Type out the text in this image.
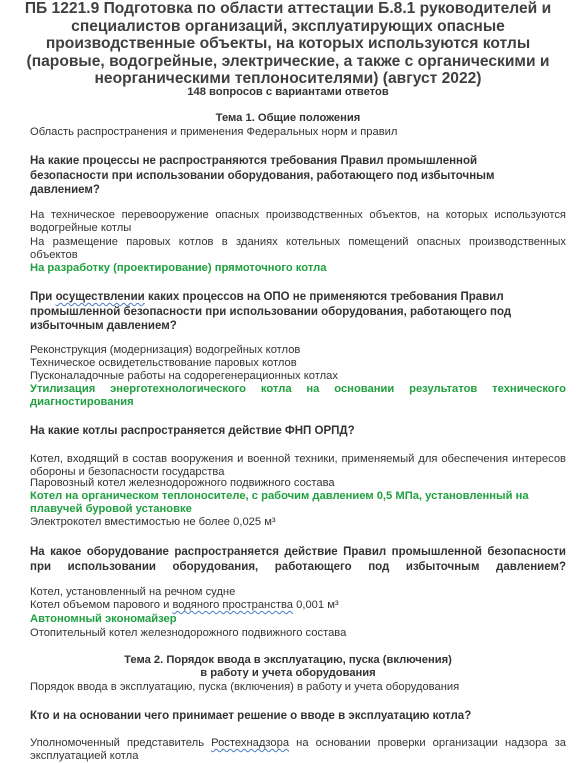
ПБ 1221.9 Подготовка по области аттестации Б.8.1 руководителей и специалистов организаций, эксплуатирующих опасные производственные объекты, на которых используются котлы (паровые, водогрейные, электрические, а также с органическими и неорганическими теплоносителями) (август 2022)
148 вопросов с вариантами ответов
Тема 1. Общие положения
Область распространения и применения Федеральных норм и правил
На какие процессы не распространяются требования Правил промышленной безопасности при использовании оборудования, работающего под избыточным давлением?
На техническое перевооружение опасных производственных объектов, на которых используются водогрейные котлы
На размещение паровых котлов в зданиях котельных помещений опасных производственных объектов
На разработку (проектирование) прямоточного котла
При осуществлении каких процессов на ОПО не применяются требования Правил промышленной безопасности при использовании оборудования, работающего под избыточным давлением?
Реконструкция (модернизация) водогрейных котлов
Техническое освидетельствование паровых котлов
Пусконаладочные работы на содорегенерационных котлах
Утилизация энерготехнологического котла на основании результатов технического диагностирования
На какие котлы распространяется действие ФНП ОРПД?
Котел, входящий в состав вооружения и военной техники, применяемый для обеспечения интересов обороны и безопасности государства
Паровозный котел железнодорожного подвижного состава
Котел на органическом теплоносителе, с рабочим давлением 0,5 МПа, установленный на плавучей буровой установке
Электрокотел вместимостью не более 0,025 м³
На какое оборудование распространяется действие Правил промышленной безопасности при использовании оборудования, работающего под избыточным давлением?
Котел, установленный на речном судне
Котел объемом парового и водяного пространства 0,001 м³
Автономный экономайзер
Отопительный котел железнодорожного подвижного состава
Тема 2. Порядок ввода в эксплуатацию, пуска (включения) в работу и учета оборудования
Порядок ввода в эксплуатацию, пуска (включения) в работу и учета оборудования
Кто и на основании чего принимает решение о вводе в эксплуатацию котла?
Уполномоченный представитель Ростехнадзора на основании проверки организации надзора за эксплуатацией котла
